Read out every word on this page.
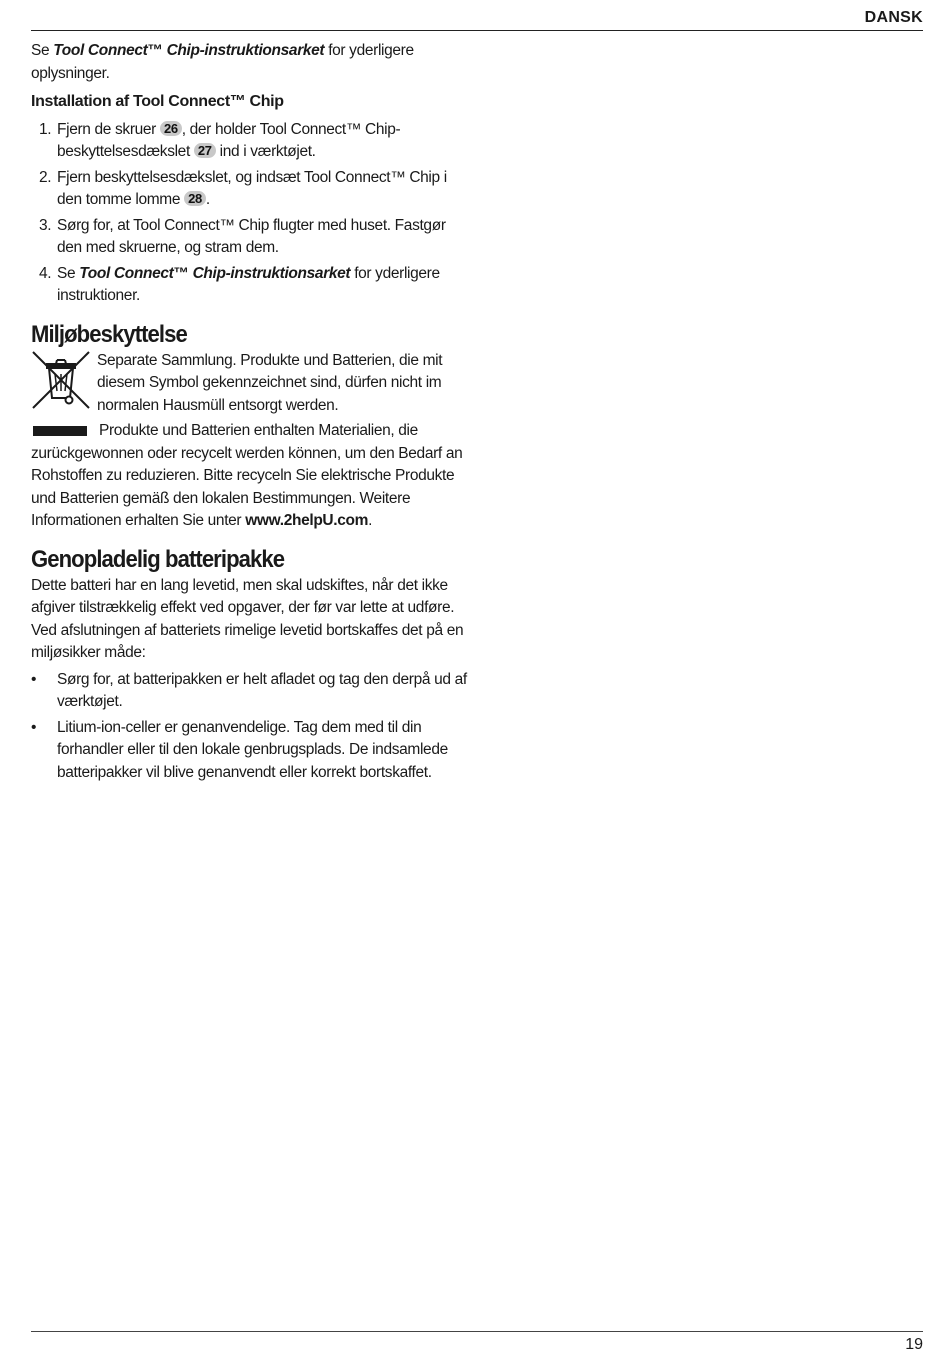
DANSK

Se Tool Connect™ Chip-instruktionsarket for yderligere oplysninger.

Installation af Tool Connect™ Chip
1. Fjern de skruer 26 , der holder Tool Connect™ Chip-beskyttelsesdækslet 27 ind i værktøjet.
2. Fjern beskyttelsesdækslet, og indsæt Tool Connect™ Chip i den tomme lomme 28 .
3. Sørg for, at Tool Connect™ Chip flugter med huset. Fastgør den med skruerne, og stram dem.
4. Se Tool Connect™ Chip-instruktionsarket for yderligere instruktioner.
Miljøbeskyttelse

Separate Sammlung. Produkte und Batterien, die mit diesem Symbol gekennzeichnet sind, dürfen nicht im normalen Hausmüll entsorgt werden.

Produkte und Batterien enthalten Materialien, die zurückgewonnen oder recycelt werden können, um den Bedarf an Rohstoffen zu reduzieren. Bitte recyceln Sie elektrische Produkte und Batterien gemäß den lokalen Bestimmungen. Weitere Informationen erhalten Sie unter www.2helpU.com.

Genopladelig batteripakke

Dette batteri har en lang levetid, men skal udskiftes, når det ikke afgiver tilstrækkelig effekt ved opgaver, der før var lette at udføre. Ved afslutningen af batteriets rimelige levetid bortskaffes det på en miljøsikker måde:

• Sørg for, at batteripakken er helt afladet og tag den derpå ud af værktøjet.
• Litium-ion-celler er genanvendelige. Tag dem med til din forhandler eller til den lokale genbrugsplads. De indsamlede batteripakker vil blive genanvendt eller korrekt bortskaffet.
19
